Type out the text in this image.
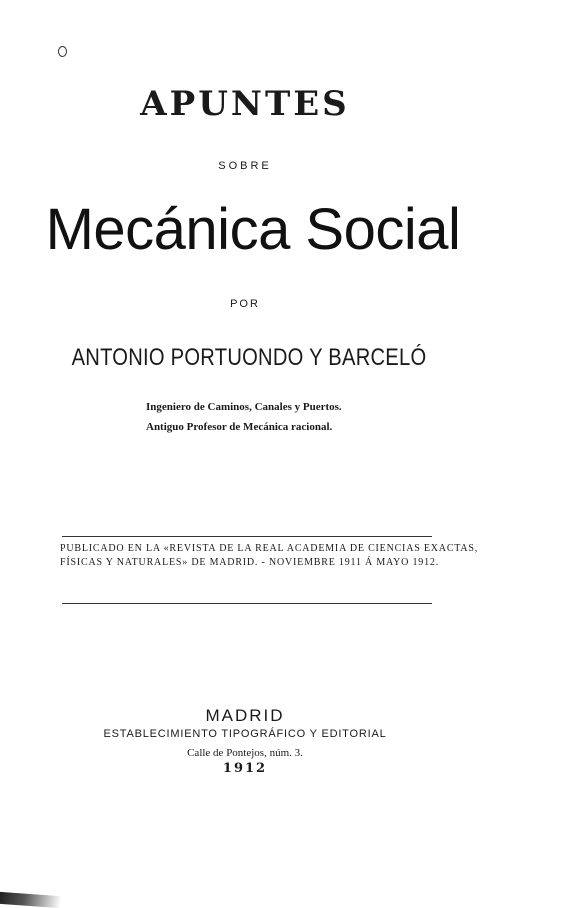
APUNTES
SOBRE
Mecánica Social
POR
ANTONIO PORTUONDO Y BARCELÓ
Ingeniero de Caminos, Canales y Puertos.
Antiguo Profesor de Mecánica racional.
PUBLICADO EN LA «REVISTA DE LA REAL ACADEMIA DE CIENCIAS EXACTAS,
FÍSICAS Y NATURALES» DE MADRID. - NOVIEMBRE 1911 Á MAYO 1912.
MADRID
ESTABLECIMIENTO TIPOGRÁFICO Y EDITORIAL
Calle de Pontejos, núm. 3.
1912
